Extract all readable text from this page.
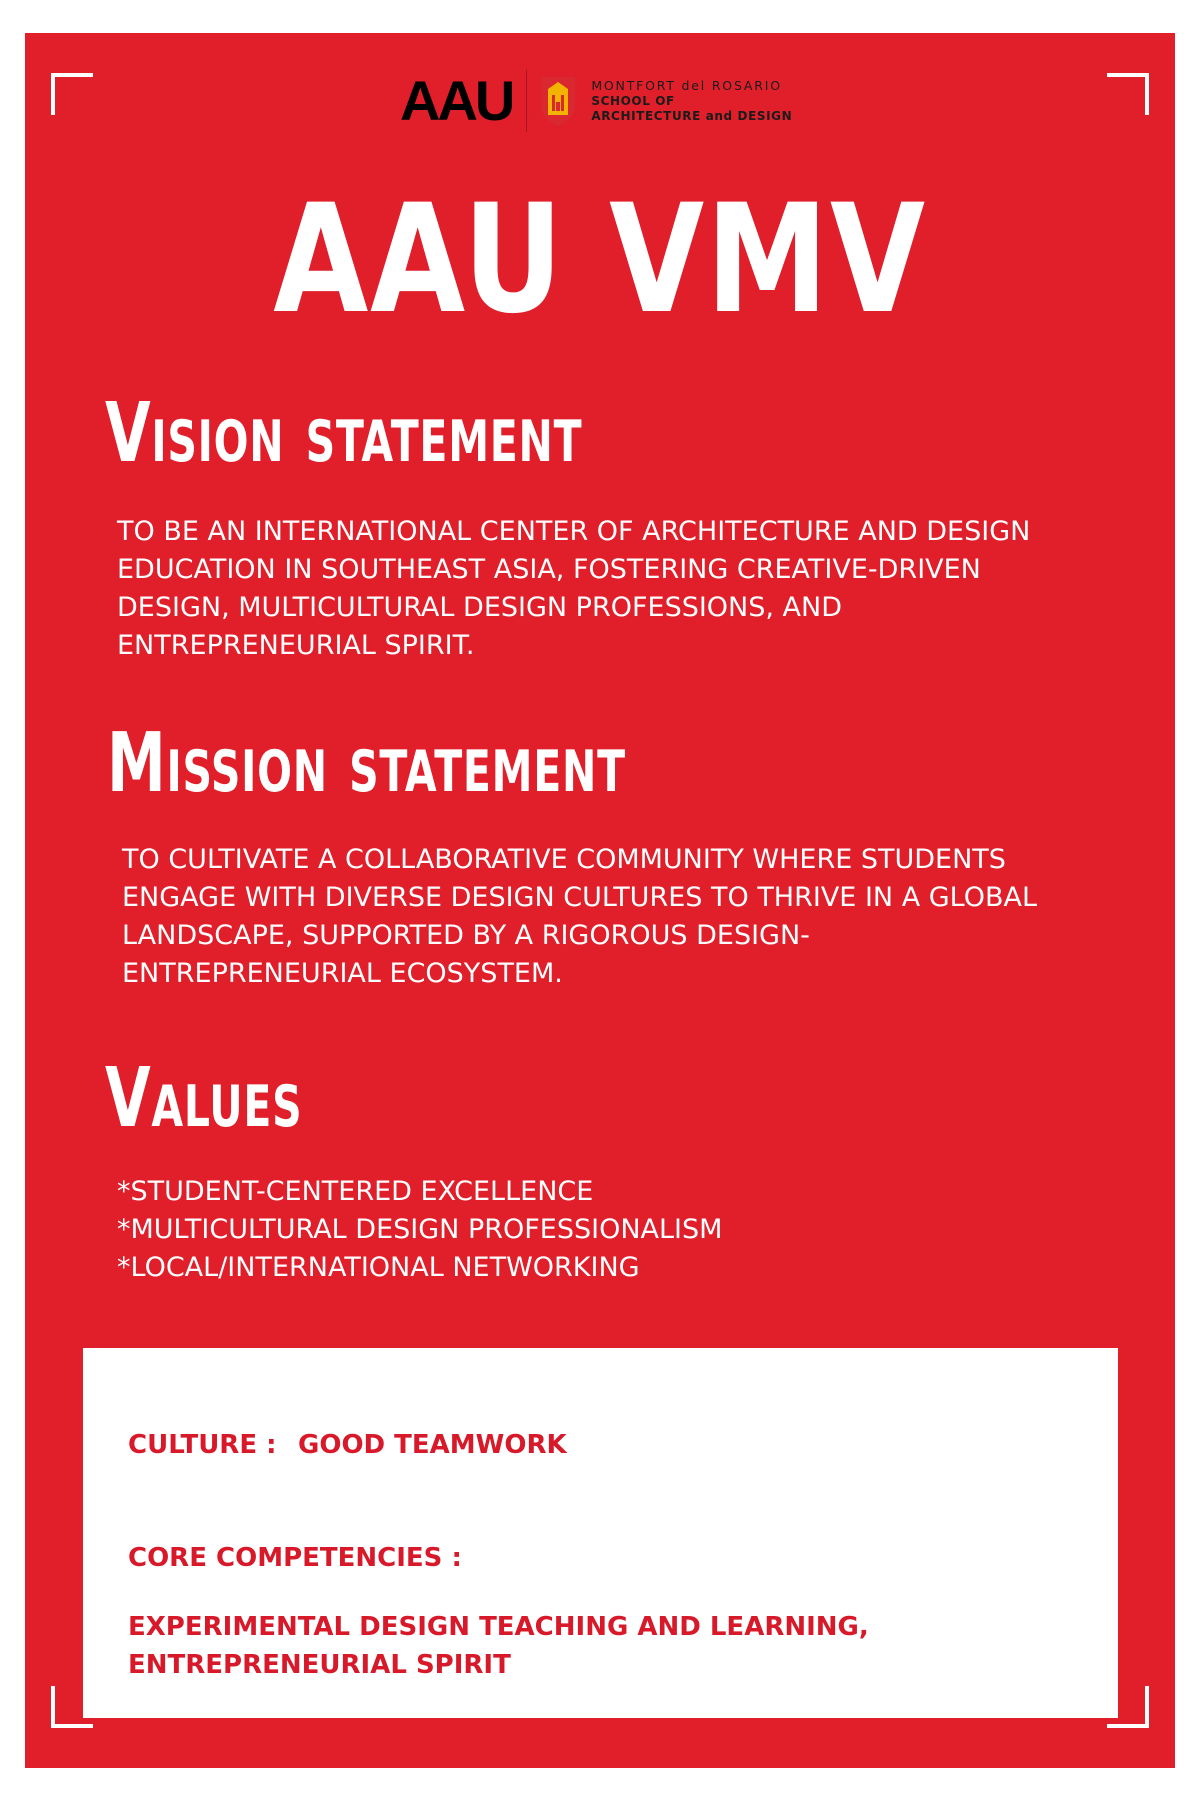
AAU	MONTFORT del ROSARIO
SCHOOL OF
ARCHITECTURE and DESIGN
AAU VMV
Vision statement
TO BE AN INTERNATIONAL CENTER OF ARCHITECTURE AND DESIGN
EDUCATION IN SOUTHEAST ASIA, FOSTERING CREATIVE-DRIVEN
DESIGN, MULTICULTURAL DESIGN PROFESSIONS, AND
ENTREPRENEURIAL SPIRIT.
Mission statement
TO CULTIVATE A COLLABORATIVE COMMUNITY WHERE STUDENTS
ENGAGE WITH DIVERSE DESIGN CULTURES TO THRIVE IN A GLOBAL
LANDSCAPE, SUPPORTED BY A RIGOROUS DESIGN-
ENTREPRENEURIAL ECOSYSTEM.
Values
*STUDENT-CENTERED EXCELLENCE
*MULTICULTURAL DESIGN PROFESSIONALISM
*LOCAL/INTERNATIONAL NETWORKING
CULTURE : GOOD TEAMWORK
CORE COMPETENCIES :
EXPERIMENTAL DESIGN TEACHING AND LEARNING,
ENTREPRENEURIAL SPIRIT
